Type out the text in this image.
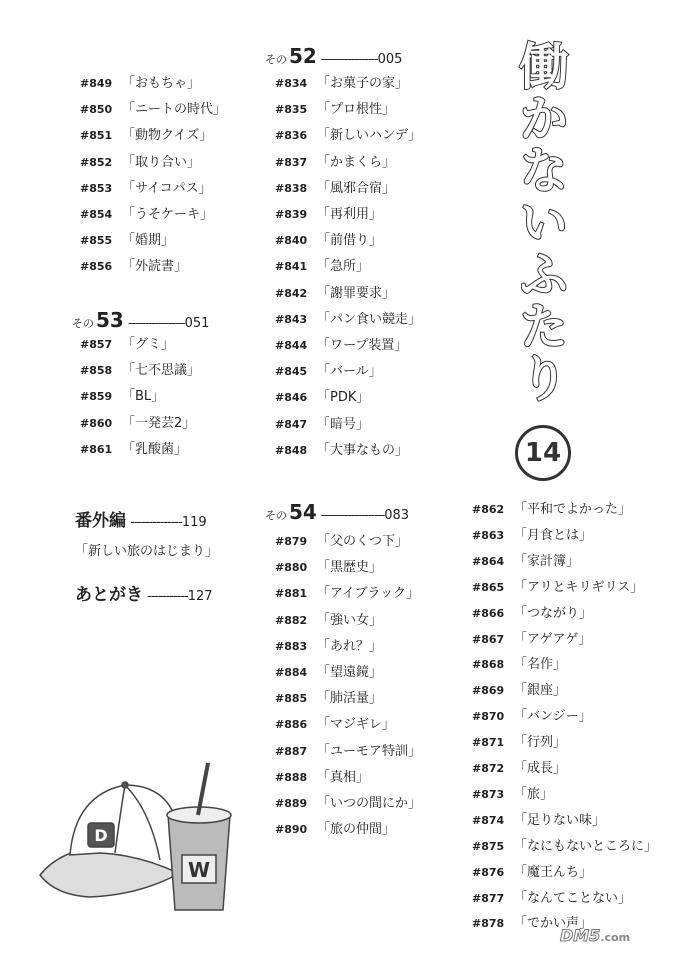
その 52 -----------------005
その 53 -----------------051
その 54 -------------------083
#849 「おもちゃ」
#850 「ニートの時代」
#851 「動物クイズ」
#852 「取り合い」
#853 「サイコパス」
#854 「うそケーキ」
#855 「婚期」
#856 「外読書」
#857 「グミ」
#858 「七不思議」
#859 「BL」
#860 「一発芸2」
#861 「乳酸菌」
#834 「お菓子の家」
#835 「プロ根性」
#836 「新しいハンデ」
#837 「かまくら」
#838 「風邪合宿」
#839 「再利用」
#840 「前借り」
#841 「急所」
#842 「謝罪要求」
#843 「パン食い競走」
#844 「ワープ装置」
#845 「バール」
#846 「PDK」
#847 「暗号」
#848 「大事なもの」
#879 「父のくつ下」
#880 「黒歴史」
#881 「アイブラック」
#882 「強い女」
#883 「あれ？」
#884 「望遠鏡」
#885 「肺活量」
#886 「マジギレ」
#887 「ユーモア特訓」
#888 「真相」
#889 「いつの間にか」
#890 「旅の仲間」
#862 「平和でよかった」
#863 「月食とは」
#864 「家計簿」
#865 「アリとキリギリス」
#866 「つながり」
#867 「アゲアゲ」
#868 「名作」
#869 「銀座」
#870 「バンジー」
#871 「行列」
#872 「成長」
#873 「旅」
#874 「足りない味」
#875 「なにもないところに」
#876 「魔王んち」
#877 「なんてことない」
#878 「でかい声」
番外編 --------------119
「新しい旅のはじまり」
あとがき -----------127
働かないふたり
14
D
W
DM5.com
